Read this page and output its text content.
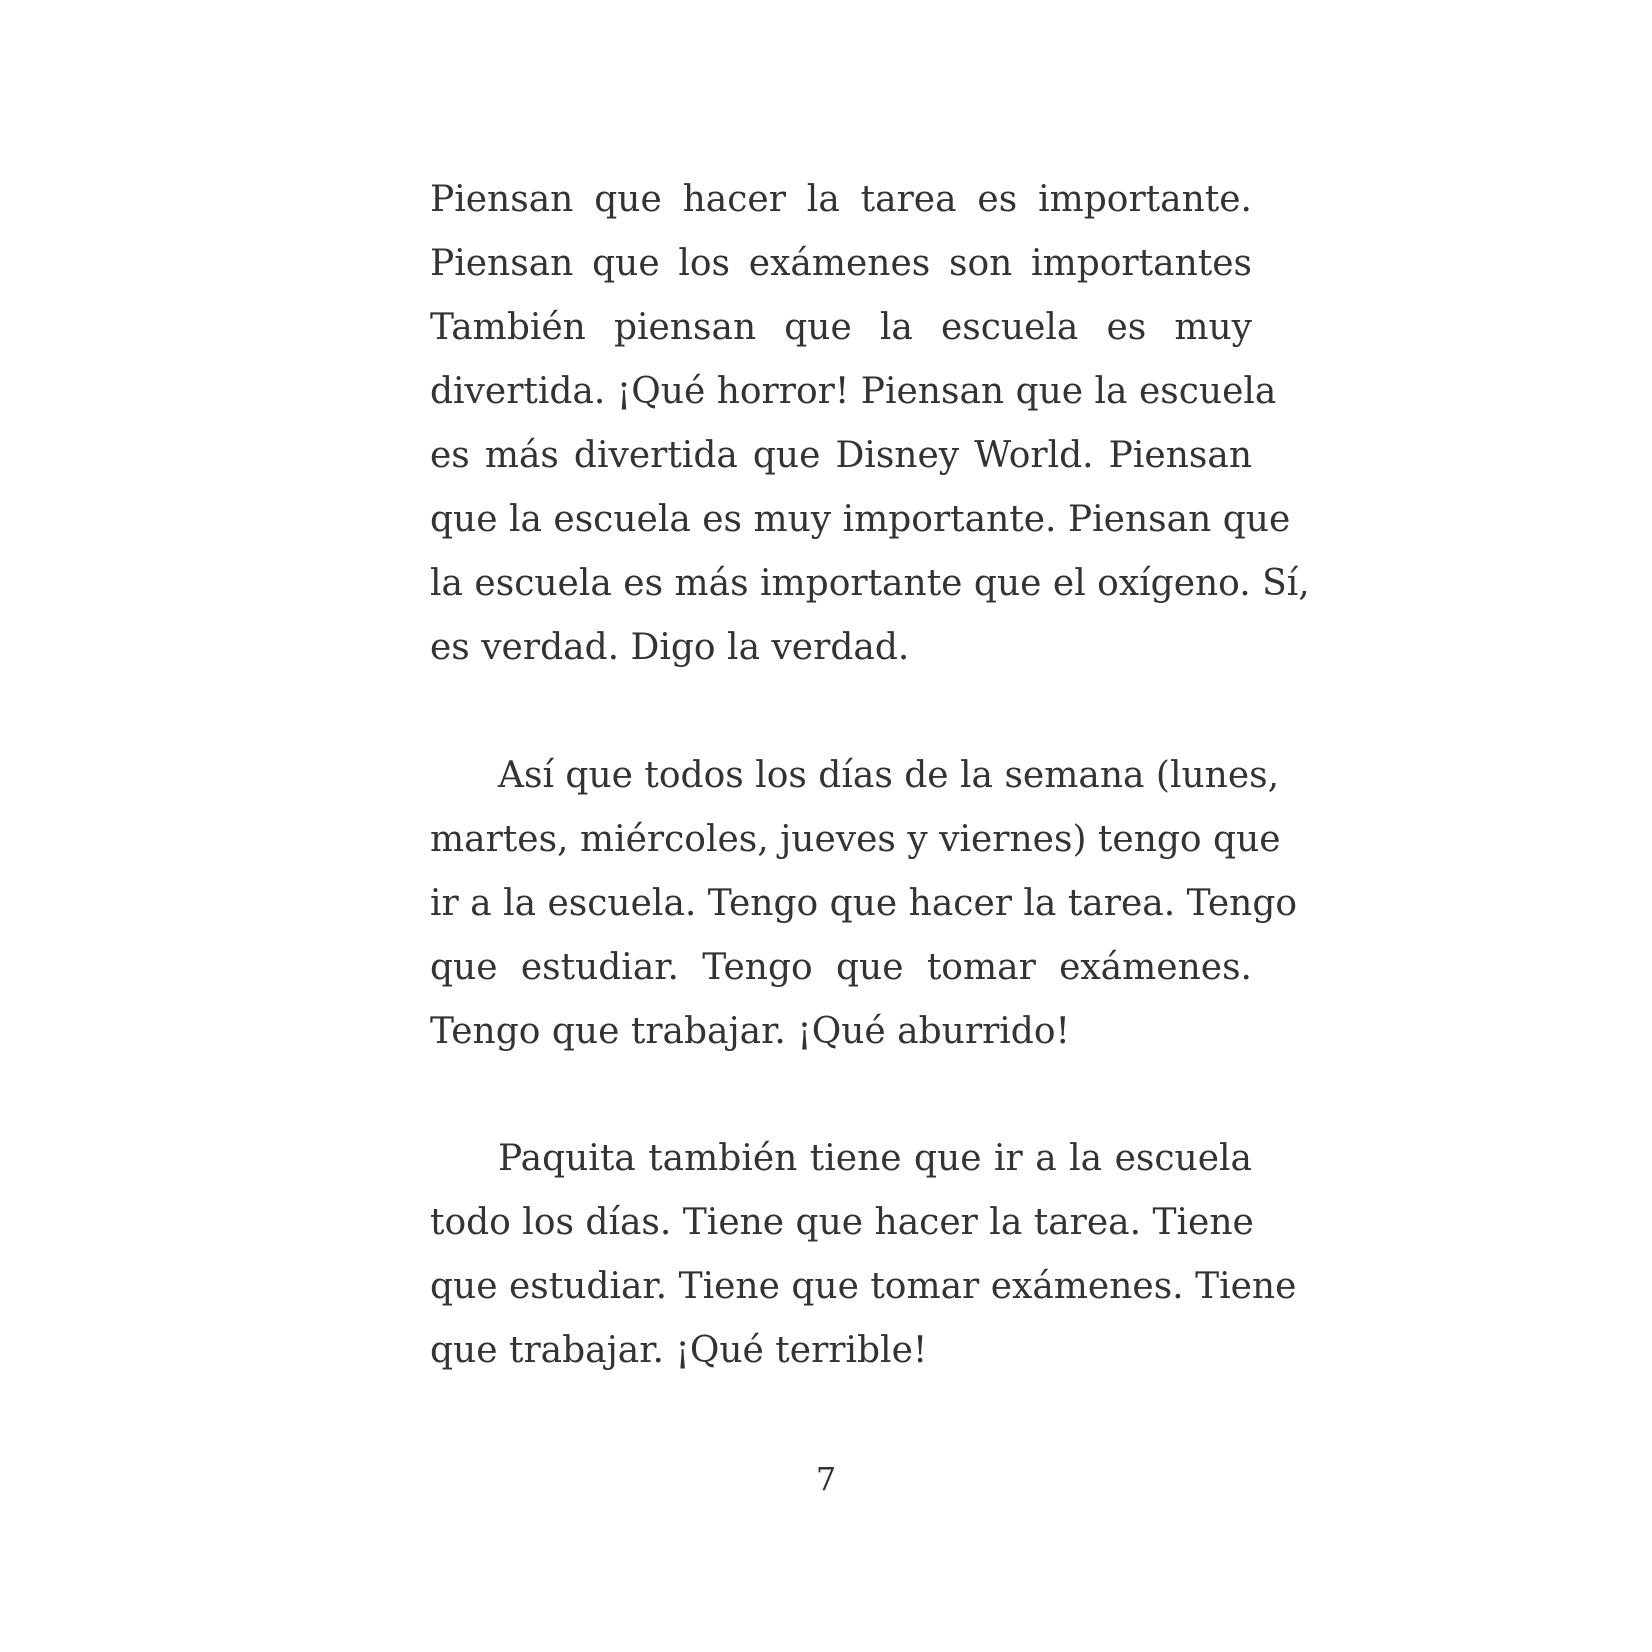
Piensan que hacer la tarea es importante.
Piensan que los exámenes son importantes
También piensan que la escuela es muy
divertida. ¡Qué horror! Piensan que la escuela
es más divertida que Disney World. Piensan
que la escuela es muy importante. Piensan que
la escuela es más importante que el oxígeno. Sí,
es verdad. Digo la verdad.
Así que todos los días de la semana (lunes,
martes, miércoles, jueves y viernes) tengo que
ir a la escuela. Tengo que hacer la tarea. Tengo
que estudiar. Tengo que tomar exámenes.
Tengo que trabajar. ¡Qué aburrido!
Paquita también tiene que ir a la escuela
todo los días. Tiene que hacer la tarea. Tiene
que estudiar. Tiene que tomar exámenes. Tiene
que trabajar. ¡Qué terrible!
7
